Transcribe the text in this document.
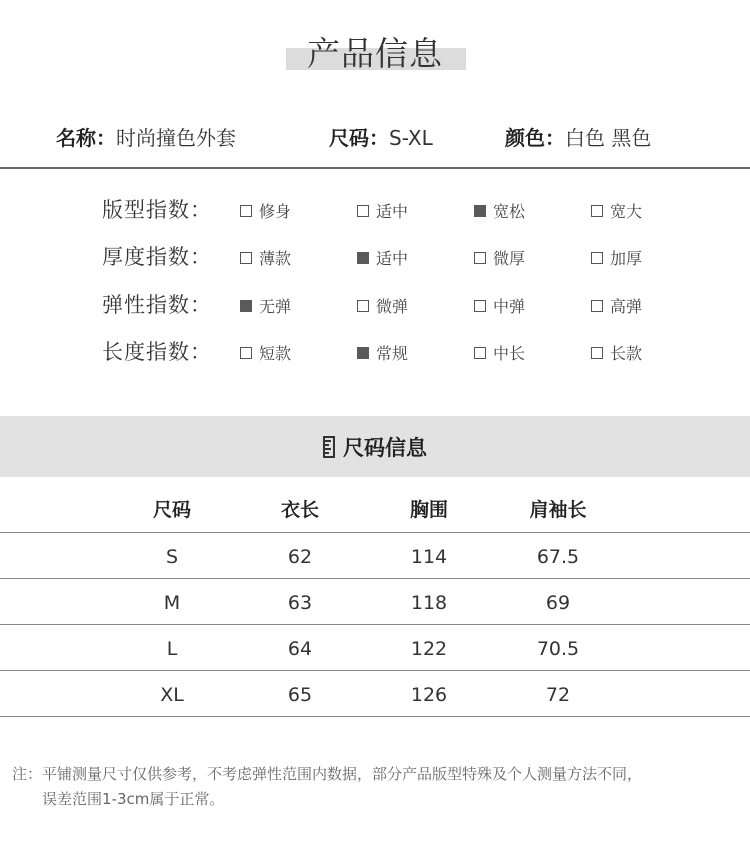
产品信息
名称：时尚撞色外套	尺码：S-XL	颜色：白色 黑色
版型指数：	修身	适中	宽松	宽大
厚度指数：	薄款	适中	微厚	加厚
弹性指数：	无弹	微弹	中弹	高弹
长度指数：	短款	常规	中长	长款
尺码信息
尺码	衣长	胸围	肩袖长
S	62	114	67.5
M	63	118	69
L	64	122	70.5
XL	65	126	72
注：平铺测量尺寸仅供参考，不考虑弹性范围内数据，部分产品版型特殊及个人测量方法不同，
误差范围1-3cm属于正常。
